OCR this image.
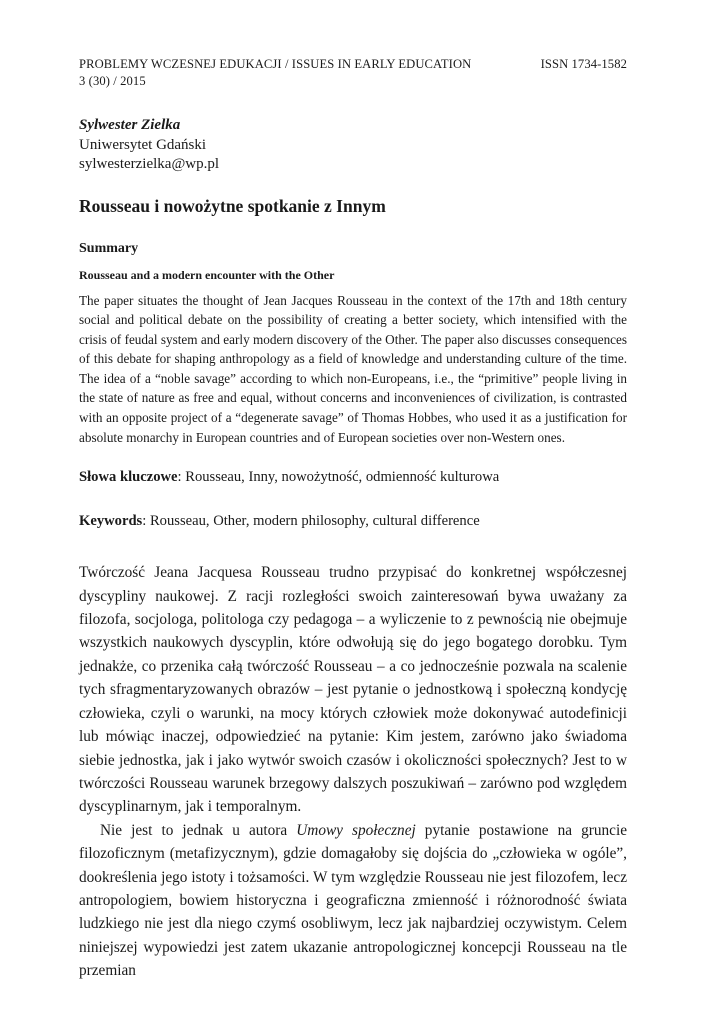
PROBLEMY WCZESNEJ EDUKACJI / ISSUES IN EARLY EDUCATION
3 (30) / 2015
ISSN 1734-1582
Sylwester Zielka
Uniwersytet Gdański
sylwesterzielka@wp.pl
Rousseau i nowożytne spotkanie z Innym
Summary
Rousseau and a modern encounter with the Other
The paper situates the thought of Jean Jacques Rousseau in the context of the 17th and 18th century social and political debate on the possibility of creating a better society, which intensified with the crisis of feudal system and early modern discovery of the Other. The paper also discusses consequences of this debate for shaping anthropology as a field of knowledge and understanding culture of the time. The idea of a “noble savage” according to which non-Europeans, i.e., the “primitive” people living in the state of nature as free and equal, without concerns and inconveniences of civilization, is contrasted with an opposite project of a “degenerate savage” of Thomas Hobbes, who used it as a justification for absolute monarchy in European countries and of European societies over non-Western ones.
Słowa kluczowe: Rousseau, Inny, nowożytność, odmienność kulturowa
Keywords: Rousseau, Other, modern philosophy, cultural difference

Twórczość Jeana Jacquesa Rousseau trudno przypisać do konkretnej współczesnej dyscypliny naukowej. Z racji rozległości swoich zainteresowań bywa uważany za filozofa, socjologa, politologa czy pedagoga – a wyliczenie to z pewnością nie obejmuje wszystkich naukowych dyscyplin, które odwołują się do jego bogatego dorobku. Tym jednakże, co przenika całą twórczość Rousseau – a co jednocześnie pozwala na scalenie tych sfragmentaryzowanych obrazów – jest pytanie o jednostkową i społeczną kondycję człowieka, czyli o warunki, na mocy których człowiek może dokonywać autodefinicji lub mówiąc inaczej, odpowiedzieć na pytanie: Kim jestem, zarówno jako świadoma siebie jednostka, jak i jako wytwór swoich czasów i okoliczności społecznych? Jest to w twórczości Rousseau warunek brzegowy dalszych poszukiwań – zarówno pod względem dyscyplinarnym, jak i temporalnym.

Nie jest to jednak u autora Umowy społecznej pytanie postawione na gruncie filozoficznym (metafizycznym), gdzie domagałoby się dojścia do „człowieka w ogóle”, dookreślenia jego istoty i tożsamości. W tym względzie Rousseau nie jest filozofem, lecz antropologiem, bowiem historyczna i geograficzna zmienność i różnorodność świata ludzkiego nie jest dla niego czymś osobliwym, lecz jak najbardziej oczywistym. Celem niniejszej wypowiedzi jest zatem ukazanie antropologicznej koncepcji Rousseau na tle przemian
